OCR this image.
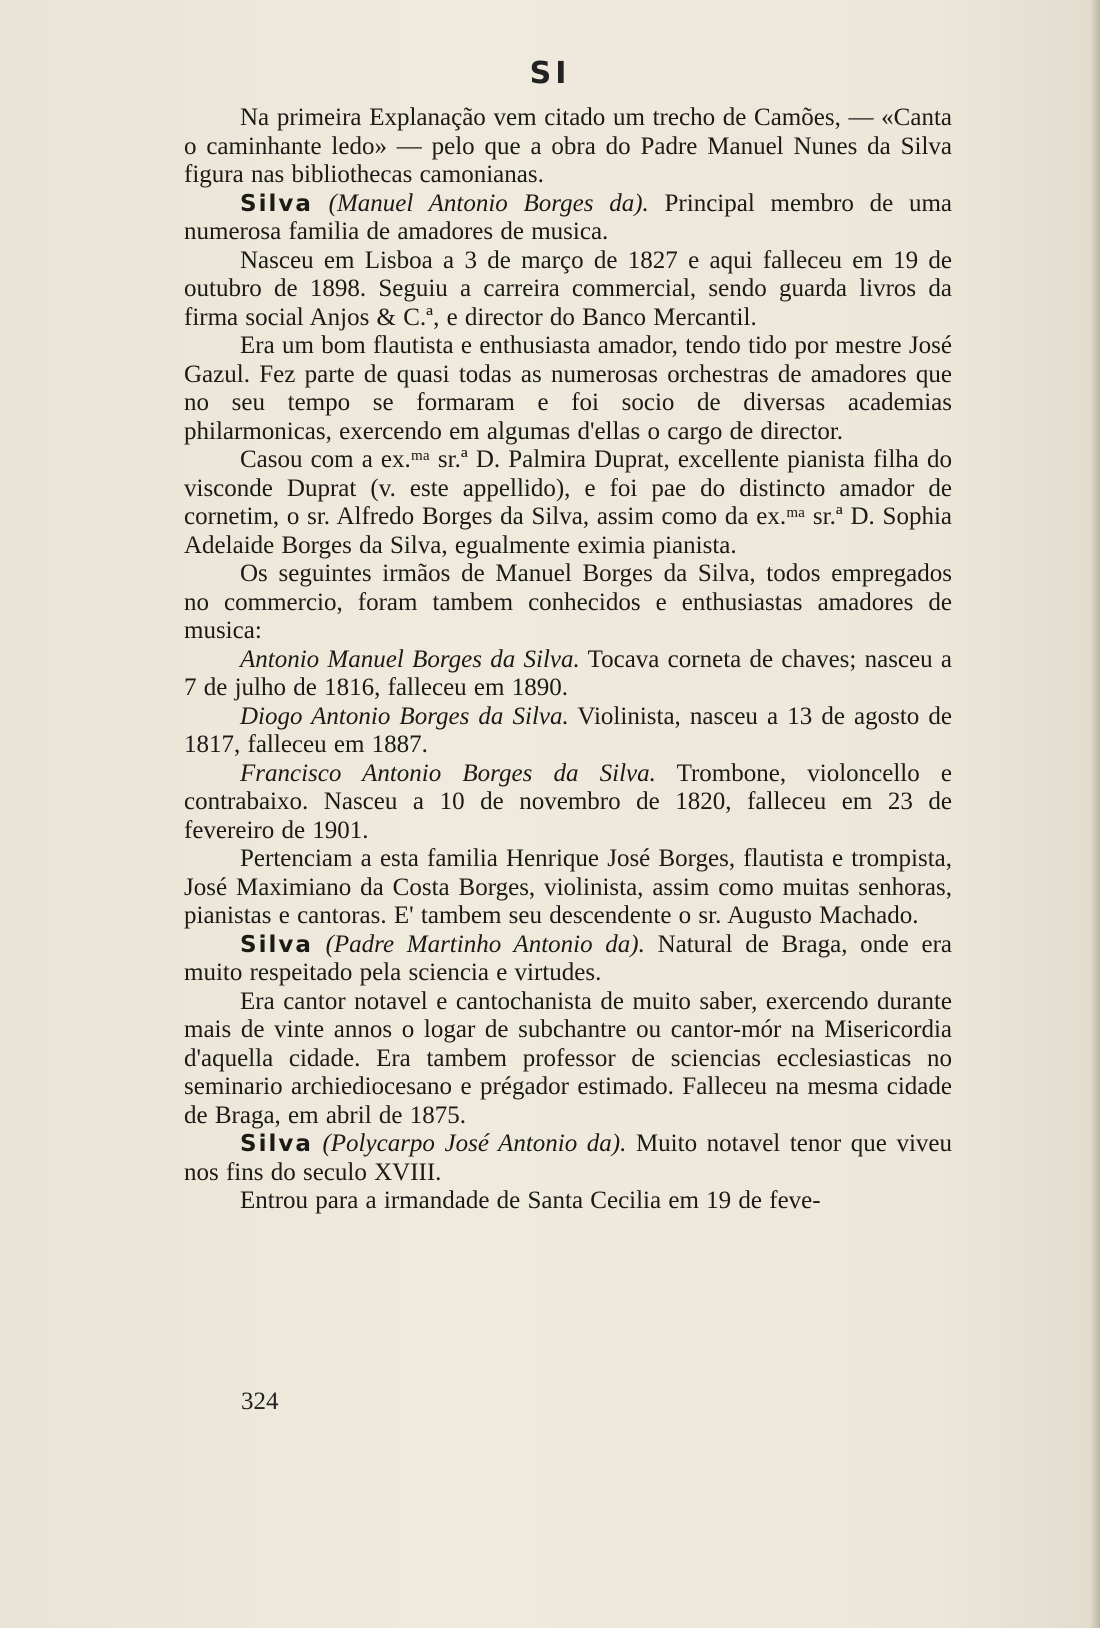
SI

Na primeira Explanação vem citado um trecho de Camões, — «Canta o caminhante ledo» — pelo que a obra do Padre Manuel Nunes da Silva figura nas bibliothecas camonianas.

Silva (Manuel Antonio Borges da). Principal membro de uma numerosa familia de amadores de musica.

Nasceu em Lisboa a 3 de março de 1827 e aqui falleceu em 19 de outubro de 1898. Seguiu a carreira commercial, sendo guarda livros da firma social Anjos & C.ª, e director do Banco Mercantil.

Era um bom flautista e enthusiasta amador, tendo tido por mestre José Gazul. Fez parte de quasi todas as numerosas orchestras de amadores que no seu tempo se formaram e foi socio de diversas academias philarmonicas, exercendo em algumas d'ellas o cargo de director.

Casou com a ex.ᵐᵃ sr.ª D. Palmira Duprat, excellente pianista filha do visconde Duprat (v. este appellido), e foi pae do distincto amador de cornetim, o sr. Alfredo Borges da Silva, assim como da ex.ᵐᵃ sr.ª D. Sophia Adelaide Borges da Silva, egualmente eximia pianista.

Os seguintes irmãos de Manuel Borges da Silva, todos empregados no commercio, foram tambem conhecidos e enthusiastas amadores de musica:

Antonio Manuel Borges da Silva. Tocava corneta de chaves; nasceu a 7 de julho de 1816, falleceu em 1890.

Diogo Antonio Borges da Silva. Violinista, nasceu a 13 de agosto de 1817, falleceu em 1887.

Francisco Antonio Borges da Silva. Trombone, violoncello e contrabaixo. Nasceu a 10 de novembro de 1820, falleceu em 23 de fevereiro de 1901.

Pertenciam a esta familia Henrique José Borges, flautista e trompista, José Maximiano da Costa Borges, violinista, assim como muitas senhoras, pianistas e cantoras. E' tambem seu descendente o sr. Augusto Machado.

Silva (Padre Martinho Antonio da). Natural de Braga, onde era muito respeitado pela sciencia e virtudes.

Era cantor notavel e cantochanista de muito saber, exercendo durante mais de vinte annos o logar de subchantre ou cantor-mór na Misericordia d'aquella cidade. Era tambem professor de sciencias ecclesiasticas no seminario archiediocesano e prégador estimado. Falleceu na mesma cidade de Braga, em abril de 1875.

Silva (Polycarpo José Antonio da). Muito notavel tenor que viveu nos fins do seculo XVIII.

Entrou para a irmandade de Santa Cecilia em 19 de feve-

324
